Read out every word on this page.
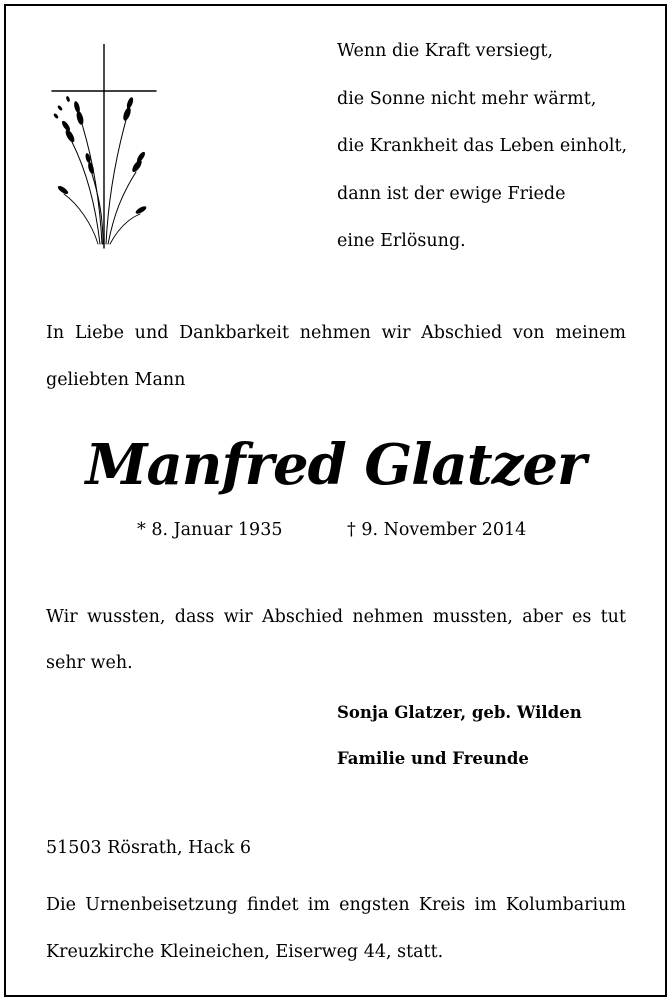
Wenn die Kraft versiegt,
die Sonne nicht mehr wärmt,
die Krankheit das Leben einholt,
dann ist der ewige Friede
eine Erlösung.
In Liebe und Dankbarkeit nehmen wir Abschied von meinem geliebten Mann
Manfred Glatzer
* 8. Januar 1935	† 9. November 2014
Wir wussten, dass wir Abschied nehmen mussten, aber es tut sehr weh.
Sonja Glatzer, geb. Wilden
Familie und Freunde
51503 Rösrath, Hack 6
Die Urnenbeisetzung findet im engsten Kreis im Kolumbarium Kreuzkirche Kleineichen, Eiserweg 44, statt.
